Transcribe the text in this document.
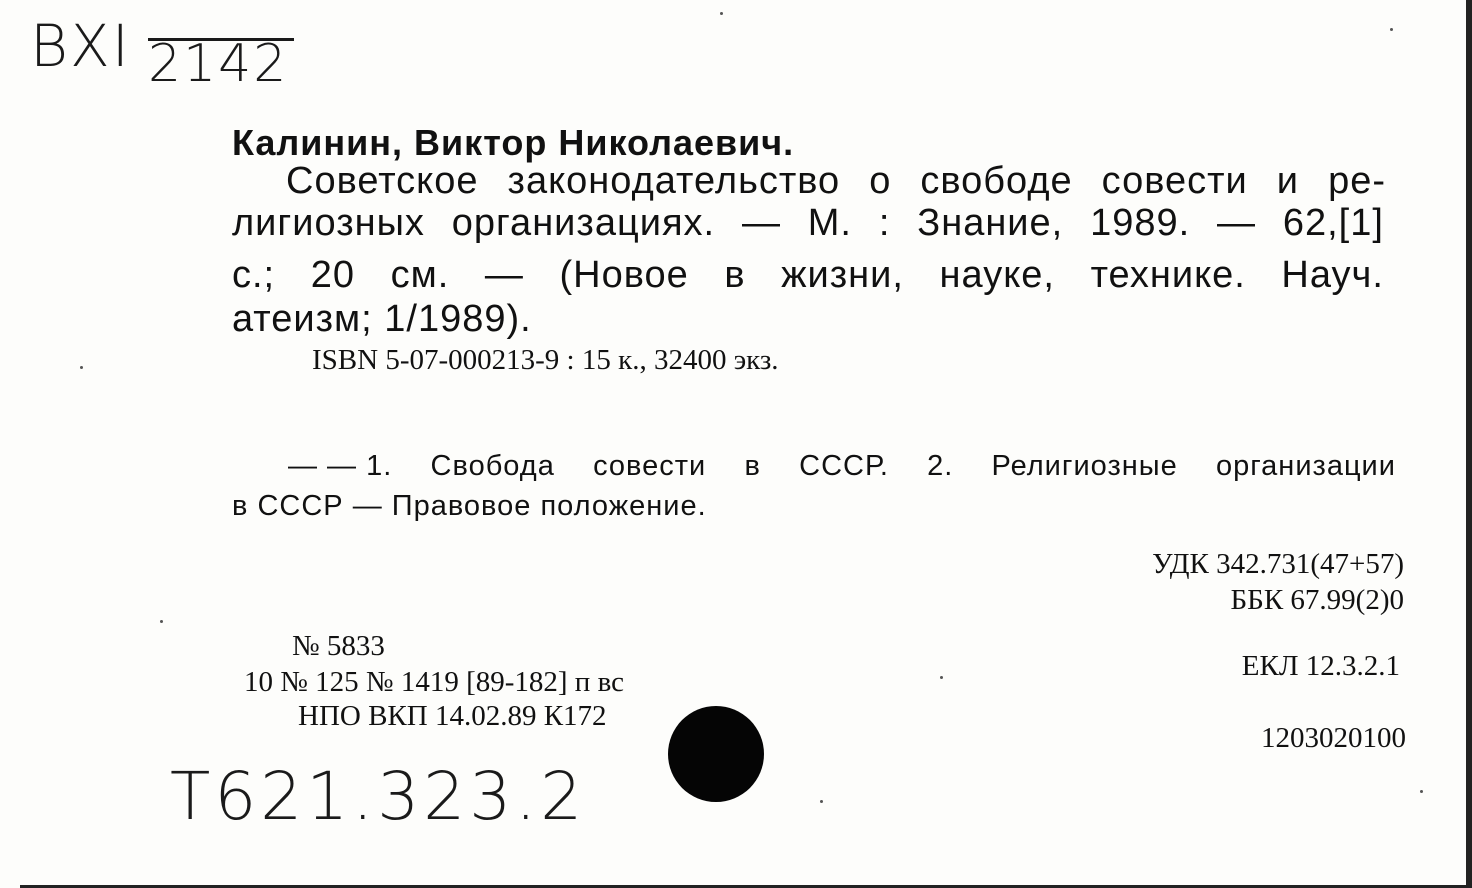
BXI 2142
Калинин, Виктор Николаевич.
Советское законодательство о свободе совести и ре-
лигиозных организациях. — М. : Знание, 1989. — 62,[1]
с.; 20 см. — (Новое в жизни, науке, технике. Науч.
атеизм; 1/1989).
ISBN 5-07-000213-9 : 15 к., 32400 экз.
— — 1. Свобода совести в СССР. 2. Религиозные организации
в СССР — Правовое положение.
УДК 342.731(47+57)
ББК 67.99(2)0
ЕКЛ 12.3.2.1
1203020100
№ 5833
10 № 125 № 1419 [89-182] п вс
НПО ВКП 14.02.89 К172
T621.323.2
